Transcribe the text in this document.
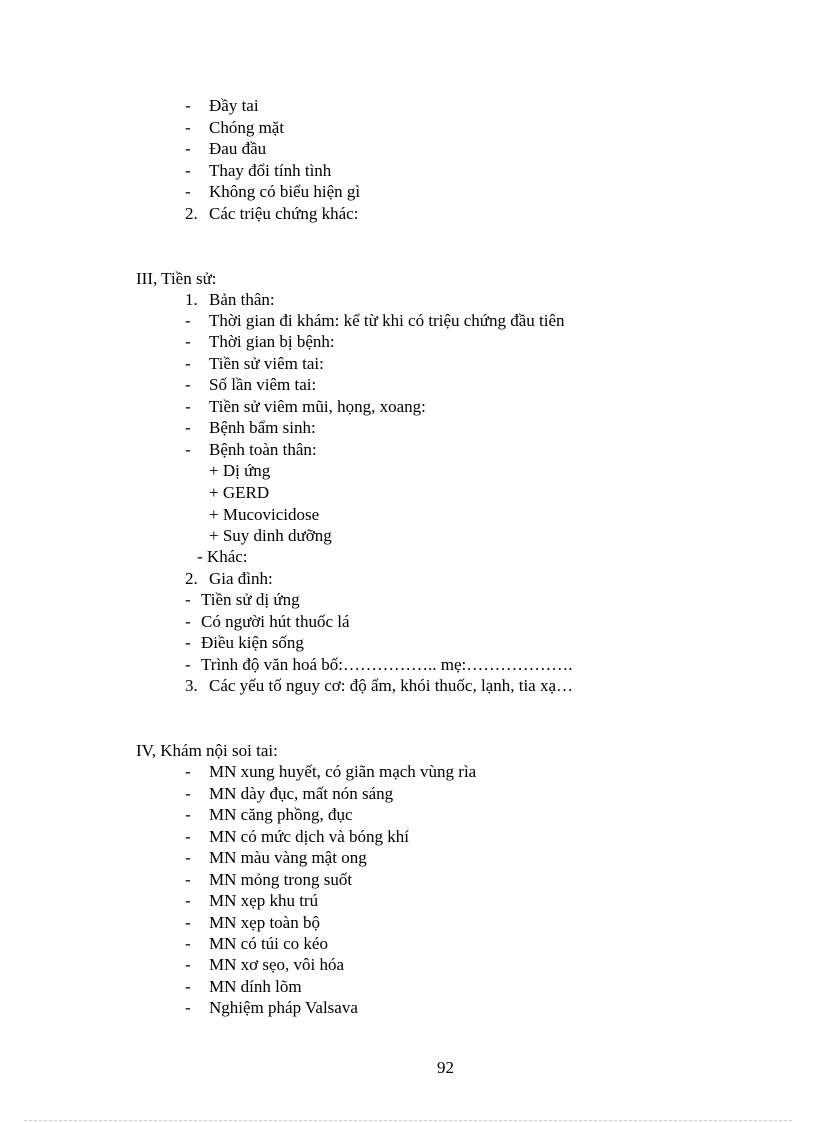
- Đầy tai
- Chóng mặt
- Đau đầu
- Thay đổi tính tình
- Không có biểu hiện gì
2. Các triệu chứng khác:
III, Tiền sử:
1. Bản thân:
- Thời gian đi khám: kể từ khi có triệu chứng đầu tiên
- Thời gian bị bệnh:
- Tiền sử viêm tai:
- Số lần viêm tai:
- Tiền sử viêm mũi, họng, xoang:
- Bệnh bẩm sinh:
- Bệnh toàn thân:
+ Dị ứng
+ GERD
+ Mucovicidose
+ Suy dinh dưỡng
- Khác:
2. Gia đình:
- Tiền sử dị ứng
- Có người hút thuốc lá
- Điều kiện sống
- Trình độ văn hoá bố:…………….. mẹ:……………….
3. Các yếu tố nguy cơ: độ ẩm, khói thuốc, lạnh, tia xạ…
IV, Khám nội soi tai:
- MN xung huyết, có giãn mạch vùng rìa
- MN dày đục, mất nón sáng
- MN căng phồng, đục
- MN có mức dịch và bóng khí
- MN màu vàng mật ong
- MN mỏng trong suốt
- MN xẹp khu trú
- MN xẹp toàn bộ
- MN có túi co kéo
- MN xơ sẹo, vôi hóa
- MN dính lõm
- Nghiệm pháp Valsava
92
